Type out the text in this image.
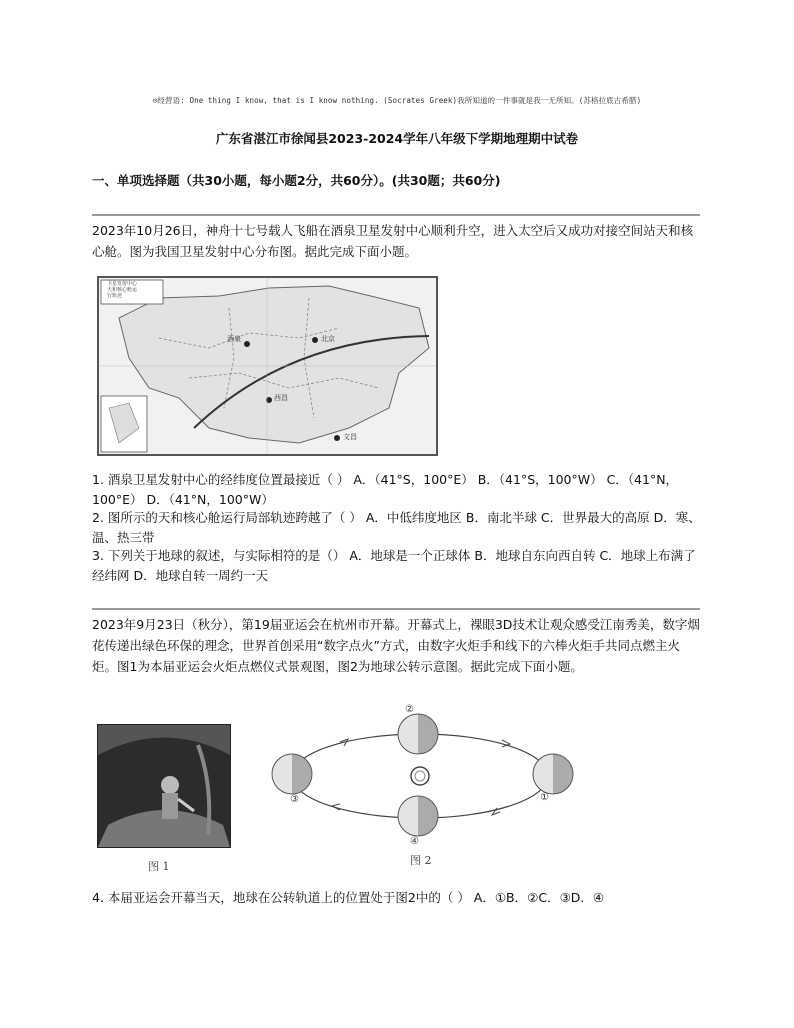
⊙经营语: One thing I know, that is I know nothing. (Socrates Greek)我所知道的一件事就是我一无所知。(苏格拉底古希腊)
广东省湛江市徐闻县2023-2024学年八年级下学期地理期中试卷
一、单项选择题（共30小题，每小题2分，共60分）。(共30题；共60分)
2023年10月26日，神舟十七号载人飞船在酒泉卫星发射中心顺利升空，进入太空后又成功对接空间站天和核心舱。图为我国卫星发射中心分布图。据此完成下面小题。
卫星发射中心
天和核心舱运
行轨迹
酒泉	北京
西昌
文昌
1. 酒泉卫星发射中心的经纬度位置最接近（ ） A．（41°S，100°E） B．（41°S，100°W） C．（41°N，100°E） D．（41°N，100°W）
2. 图所示的天和核心舱运行局部轨迹跨越了（ ） A．中低纬度地区 B．南北半球 C．世界最大的高原 D．寒、温、热三带
3. 下列关于地球的叙述，与实际相符的是（） A．地球是一个正球体 B．地球自东向西自转 C．地球上布满了经纬网 D．地球自转一周约一天
2023年9月23日（秋分），第19届亚运会在杭州市开幕。开幕式上，裸眼3D技术让观众感受江南秀美，数字烟花传递出绿色环保的理念，世界首创采用“数字点火”方式，由数字火炬手和线下的六棒火炬手共同点燃主火炬。图1为本届亚运会火炬点燃仪式景观图，图2为地球公转示意图。据此完成下面小题。
图 1
②
①
④
③
图 2
4. 本届亚运会开幕当天，地球在公转轨道上的位置处于图2中的（ ） A．①B．②C．③D．④
